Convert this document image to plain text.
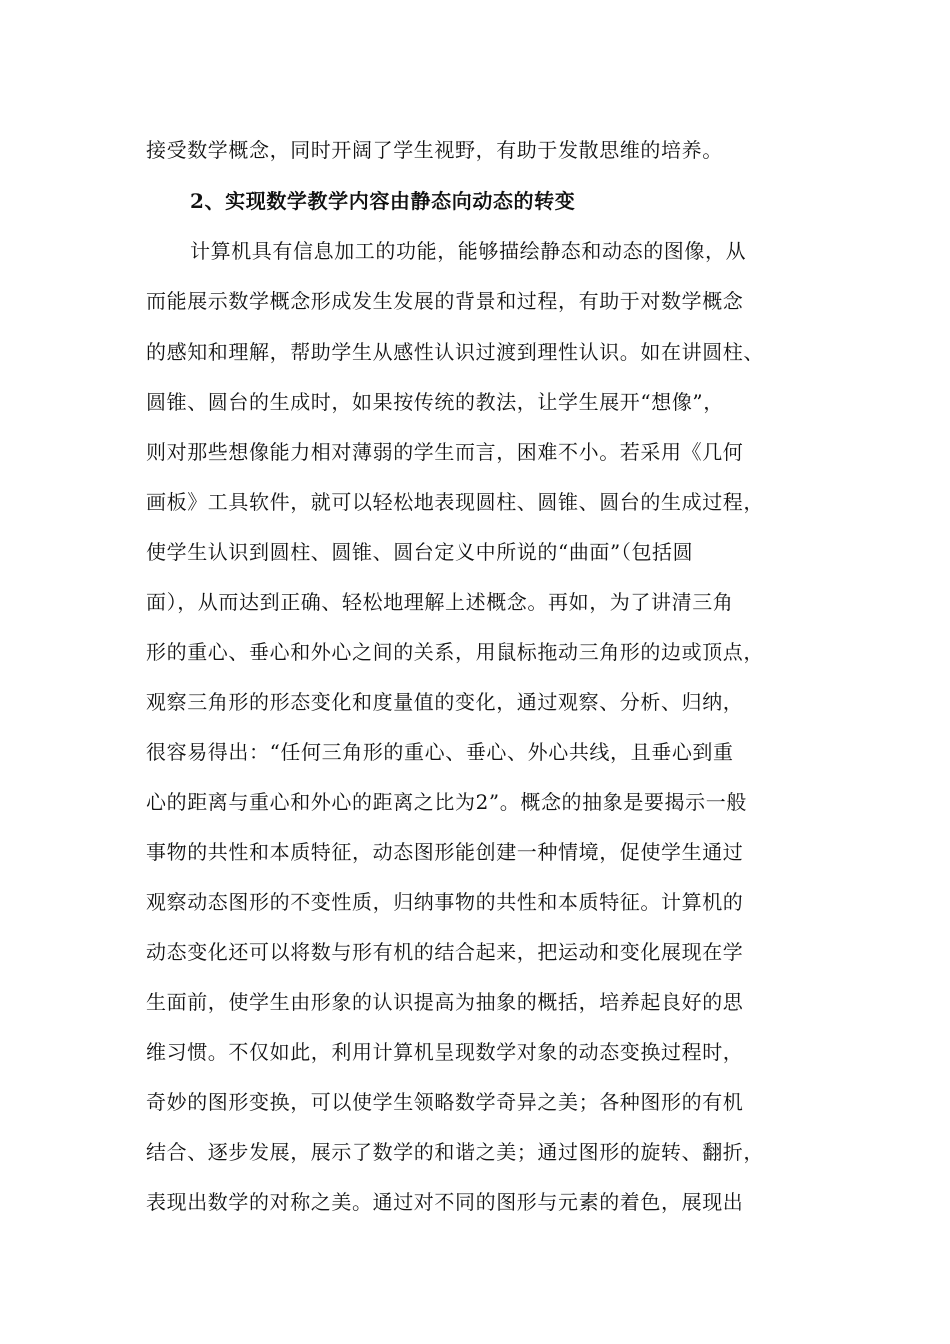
接受数学概念，同时开阔了学生视野，有助于发散思维的培养。
2、实现数学教学内容由静态向动态的转变
计算机具有信息加工的功能，能够描绘静态和动态的图像，从
而能展示数学概念形成发生发展的背景和过程，有助于对数学概念
的感知和理解，帮助学生从感性认识过渡到理性认识。如在讲圆柱、
圆锥、圆台的生成时，如果按传统的教法，让学生展开“想像”，
则对那些想像能力相对薄弱的学生而言，困难不小。若采用《几何
画板》工具软件，就可以轻松地表现圆柱、圆锥、圆台的生成过程，
使学生认识到圆柱、圆锥、圆台定义中所说的“曲面”（包括圆
面），从而达到正确、轻松地理解上述概念。再如，为了讲清三角
形的重心、垂心和外心之间的关系，用鼠标拖动三角形的边或顶点，
观察三角形的形态变化和度量值的变化，通过观察、分析、归纳，
很容易得出：“任何三角形的重心、垂心、外心共线，且垂心到重
心的距离与重心和外心的距离之比为2”。概念的抽象是要揭示一般
事物的共性和本质特征，动态图形能创建一种情境，促使学生通过
观察动态图形的不变性质，归纳事物的共性和本质特征。计算机的
动态变化还可以将数与形有机的结合起来，把运动和变化展现在学
生面前，使学生由形象的认识提高为抽象的概括，培养起良好的思
维习惯。不仅如此，利用计算机呈现数学对象的动态变换过程时，
奇妙的图形变换，可以使学生领略数学奇异之美；各种图形的有机
结合、逐步发展，展示了数学的和谐之美；通过图形的旋转、翻折，
表现出数学的对称之美。通过对不同的图形与元素的着色，展现出
